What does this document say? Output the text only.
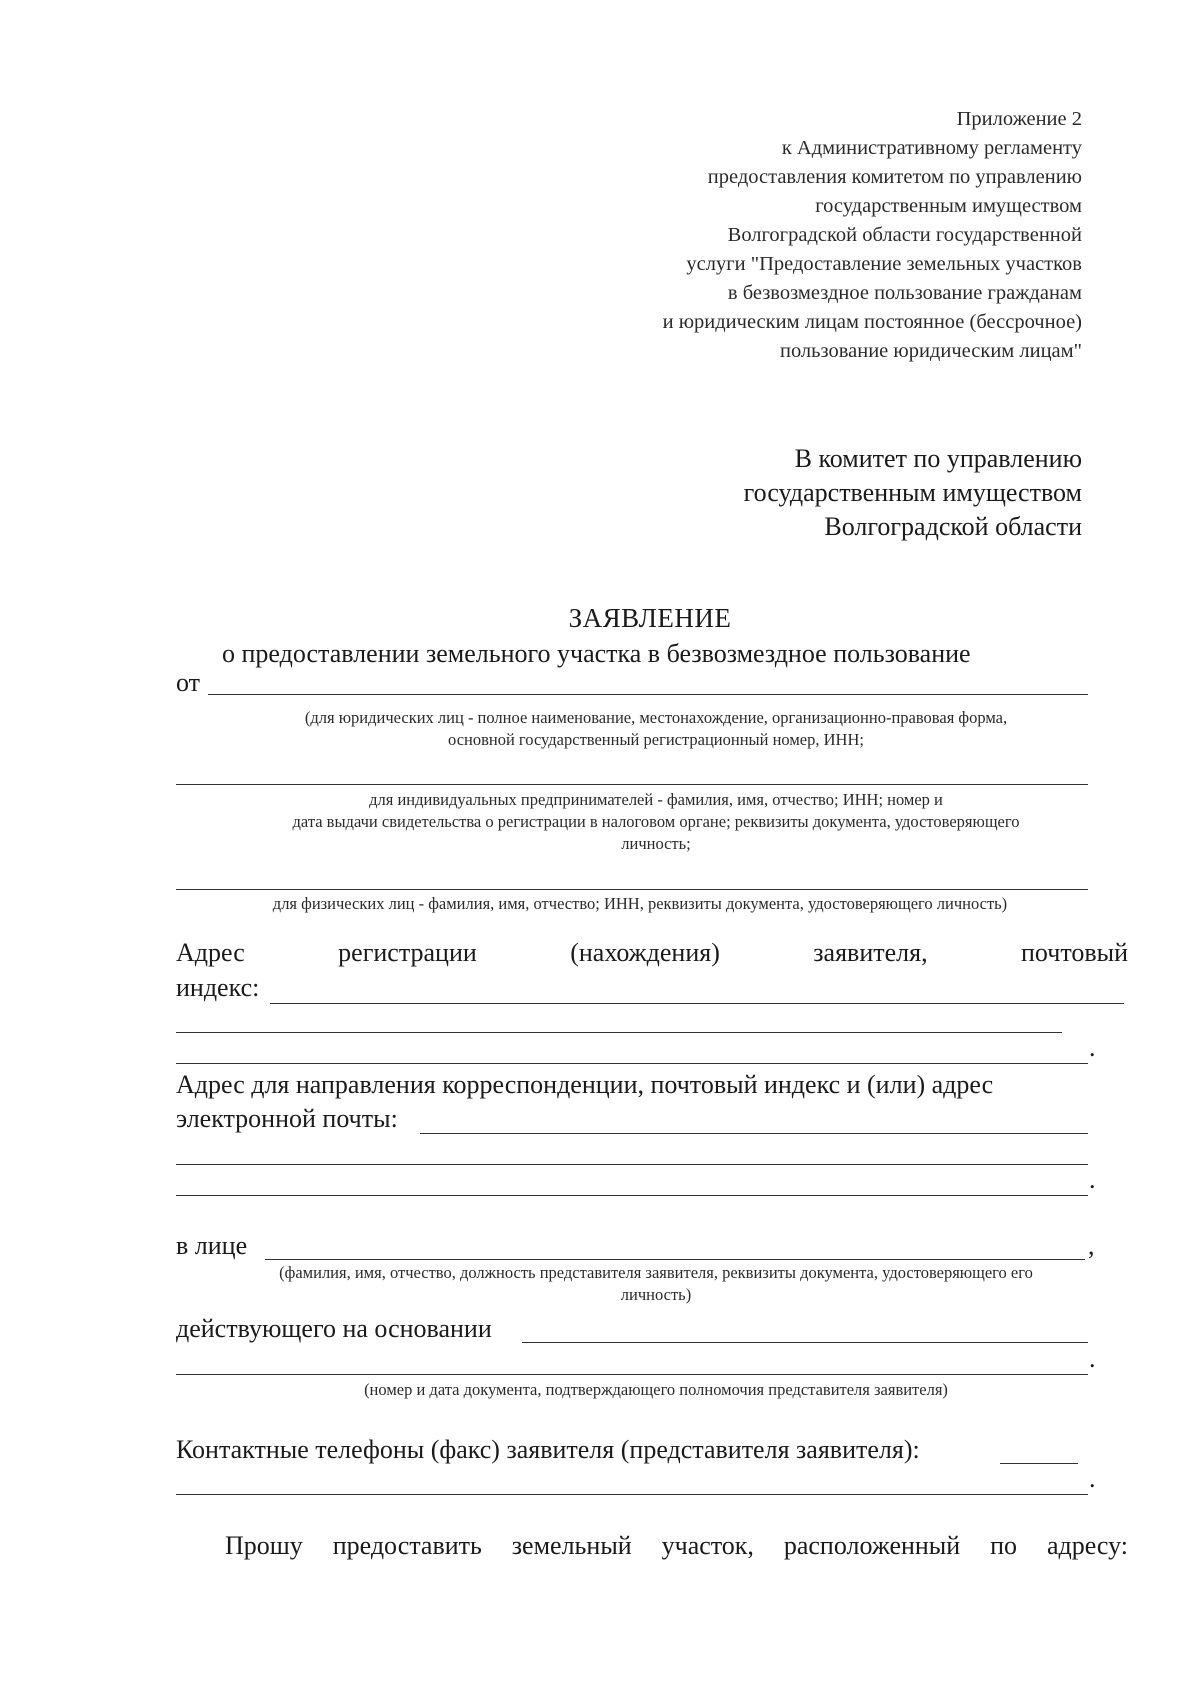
Приложение 2
к Административному регламенту
предоставления комитетом по управлению
государственным имуществом
Волгоградской области государственной
услуги "Предоставление земельных участков
в безвозмездное пользование гражданам
и юридическим лицам постоянное (бессрочное)
пользование юридическим лицам"
В комитет по управлению
государственным имуществом
Волгоградской области
ЗАЯВЛЕНИЕ
о предоставлении земельного участка в безвозмездное пользование
от
(для юридических лиц - полное наименование, местонахождение, организационно-правовая форма,
основной государственный регистрационный номер, ИНН;
для индивидуальных предпринимателей - фамилия, имя, отчество; ИНН; номер и
дата выдачи свидетельства о регистрации в налоговом органе; реквизиты документа, удостоверяющего
личность;
для физических лиц - фамилия, имя, отчество; ИНН, реквизиты документа, удостоверяющего личность)
Адрес	регистрации	(нахождения)	заявителя,	почтовый
индекс:
.
Адрес для направления корреспонденции, почтовый индекс и (или) адрес
электронной почты:
.
в лице	,
(фамилия, имя, отчество, должность представителя заявителя, реквизиты документа, удостоверяющего его
личность)
действующего на основании
.
(номер и дата документа, подтверждающего полномочия представителя заявителя)
Контактные телефоны (факс) заявителя (представителя заявителя):
.
Прошу предоставить земельный участок, расположенный по адресу:
